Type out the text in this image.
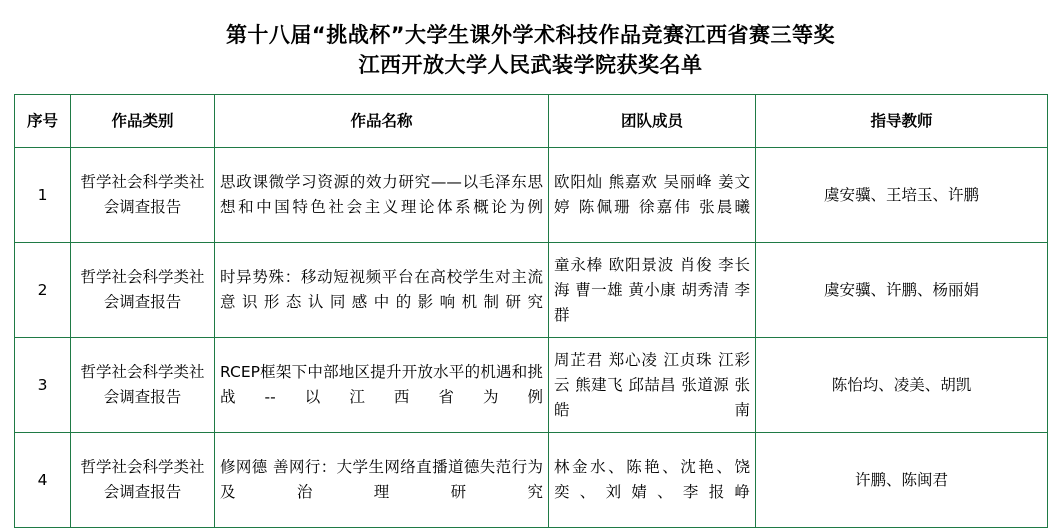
第十八届“挑战杯”大学生课外学术科技作品竞赛江西省赛三等奖
江西开放大学人民武装学院获奖名单
序号	作品类别	作品名称	团队成员	指导教师
1	哲学社会科学类社会调查报告	思政课微学习资源的效力研究——以毛泽东思想和中国特色社会主义理论体系概论为例	欧阳灿 熊嘉欢 吴丽峰 姜文婷 陈佩珊 徐嘉伟 张晨曦	虞安骥、王培玉、许鹏
2	哲学社会科学类社会调查报告	时异势殊：移动短视频平台在高校学生对主流意识形态认同感中的影响机制研究	童永棒 欧阳景波 肖俊 李长海 曹一雄 黄小康 胡秀清 李群	虞安骥、许鹏、杨丽娟
3	哲学社会科学类社会调查报告	RCEP框架下中部地区提升开放水平的机遇和挑战--以江西省为例	周芷君 郑心凌 江贞珠 江彩云 熊建飞 邱喆昌 张道源 张皓南	陈怡均、凌美、胡凯
4	哲学社会科学类社会调查报告	修网德 善网行：大学生网络直播道德失范行为及治理研究	林金水、陈艳、沈艳、饶奕、刘婧、李报峥	许鹏、陈闽君
